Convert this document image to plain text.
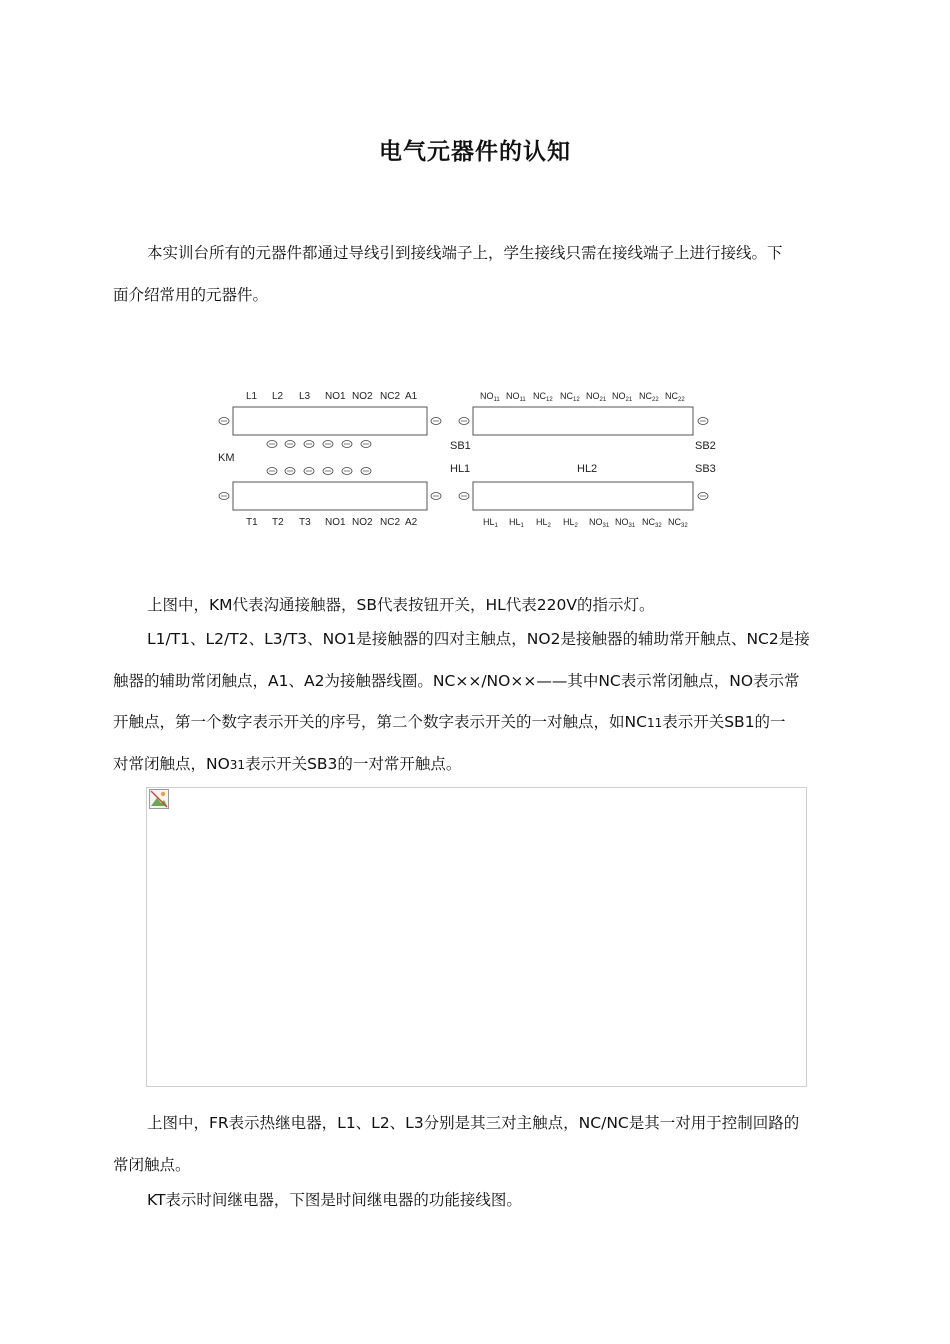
电气元器件的认知

本实训台所有的元器件都通过导线引到接线端子上，学生接线只需在接线端子上进行接线。下

面介绍常用的元器件。

L1 L2 L3 NO1 NO2 NC2 A1
T1 T2 T3 NO1 NO2 NC2 A2
KM
$NO_{11}$ $NO_{11}$ $NC_{12}$ $NC_{12}$ $NO_{21}$ $NO_{21}$ $NC_{22}$ $NC_{22}$
$HL_1$ $HL_1$ $HL_2$ $HL_2$ $NO_{31}$ $NO_{31}$ $NC_{32}$ $NC_{32}$
SB1	SB2
HL1	HL2	SB3

上图中，KM代表沟通接触器，SB代表按钮开关，HL代表220V的指示灯。

L1/T1、L2/T2、L3/T3、NO1是接触器的四对主触点，NO2是接触器的辅助常开触点、NC2是接

触器的辅助常闭触点，A1、A2为接触器线圈。NC××/NO××——其中NC表示常闭触点，NO表示常

开触点，第一个数字表示开关的序号，第二个数字表示开关的一对触点，如NC11表示开关SB1的一

对常闭触点，NO31表示开关SB3的一对常开触点。

上图中，FR表示热继电器，L1、L2、L3分别是其三对主触点，NC/NC是其一对用于控制回路的

常闭触点。

KT表示时间继电器，下图是时间继电器的功能接线图。
